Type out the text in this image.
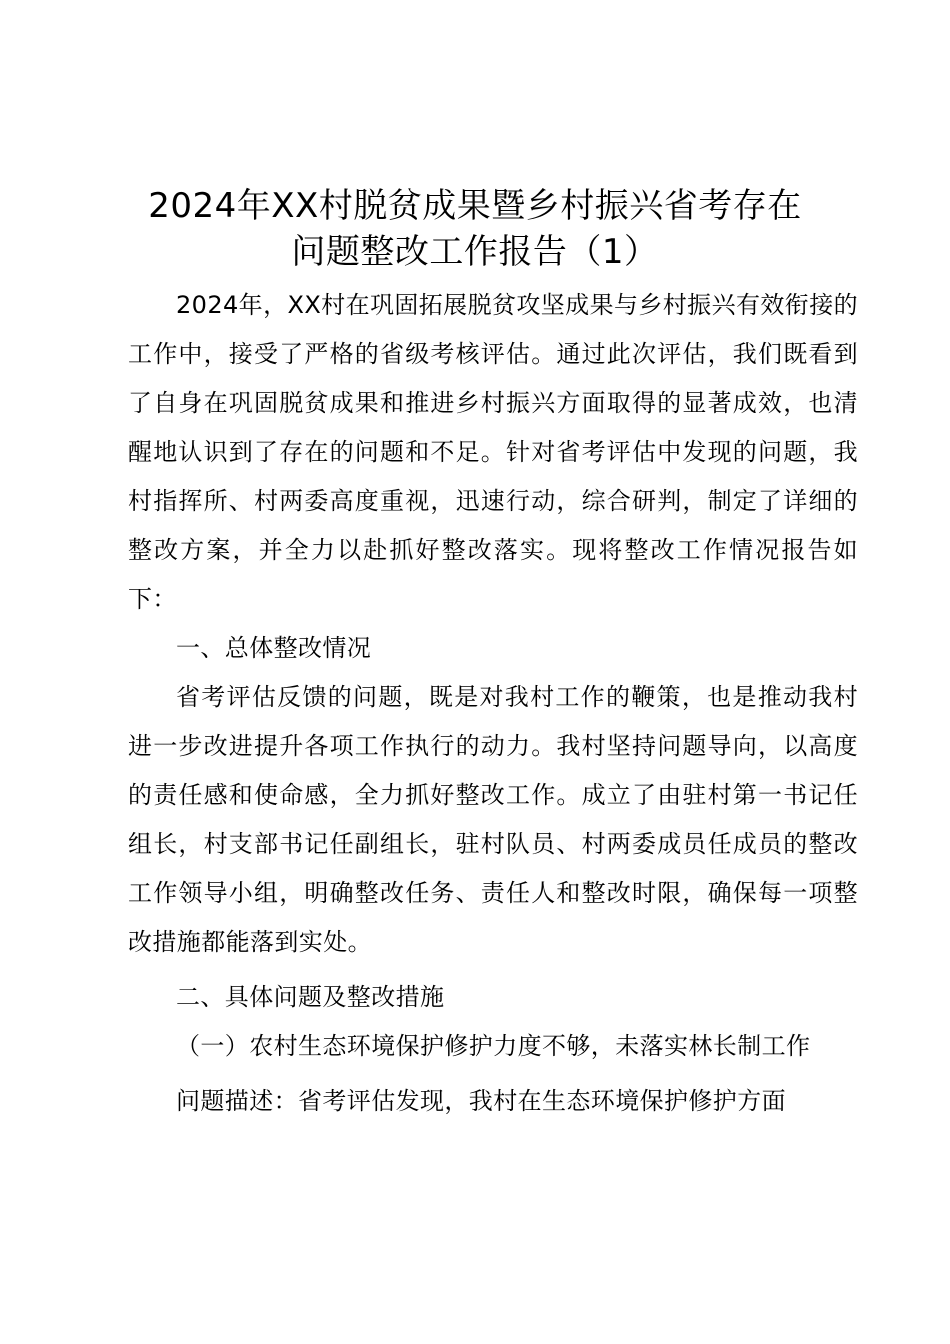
2024年XX村脱贫成果暨乡村振兴省考存在
问题整改工作报告（1）

2024年，XX村在巩固拓展脱贫攻坚成果与乡村振兴有效衔接的工作中，接受了严格的省级考核评估。通过此次评估，我们既看到了自身在巩固脱贫成果和推进乡村振兴方面取得的显著成效，也清醒地认识到了存在的问题和不足。针对省考评估中发现的问题，我村指挥所、村两委高度重视，迅速行动，综合研判，制定了详细的整改方案，并全力以赴抓好整改落实。现将整改工作情况报告如下：

一、总体整改情况

省考评估反馈的问题，既是对我村工作的鞭策，也是推动我村进一步改进提升各项工作执行的动力。我村坚持问题导向，以高度的责任感和使命感，全力抓好整改工作。成立了由驻村第一书记任组长，村支部书记任副组长，驻村队员、村两委成员任成员的整改工作领导小组，明确整改任务、责任人和整改时限，确保每一项整改措施都能落到实处。

二、具体问题及整改措施

（一）农村生态环境保护修护力度不够，未落实林长制工作

问题描述：省考评估发现，我村在生态环境保护修护方面
